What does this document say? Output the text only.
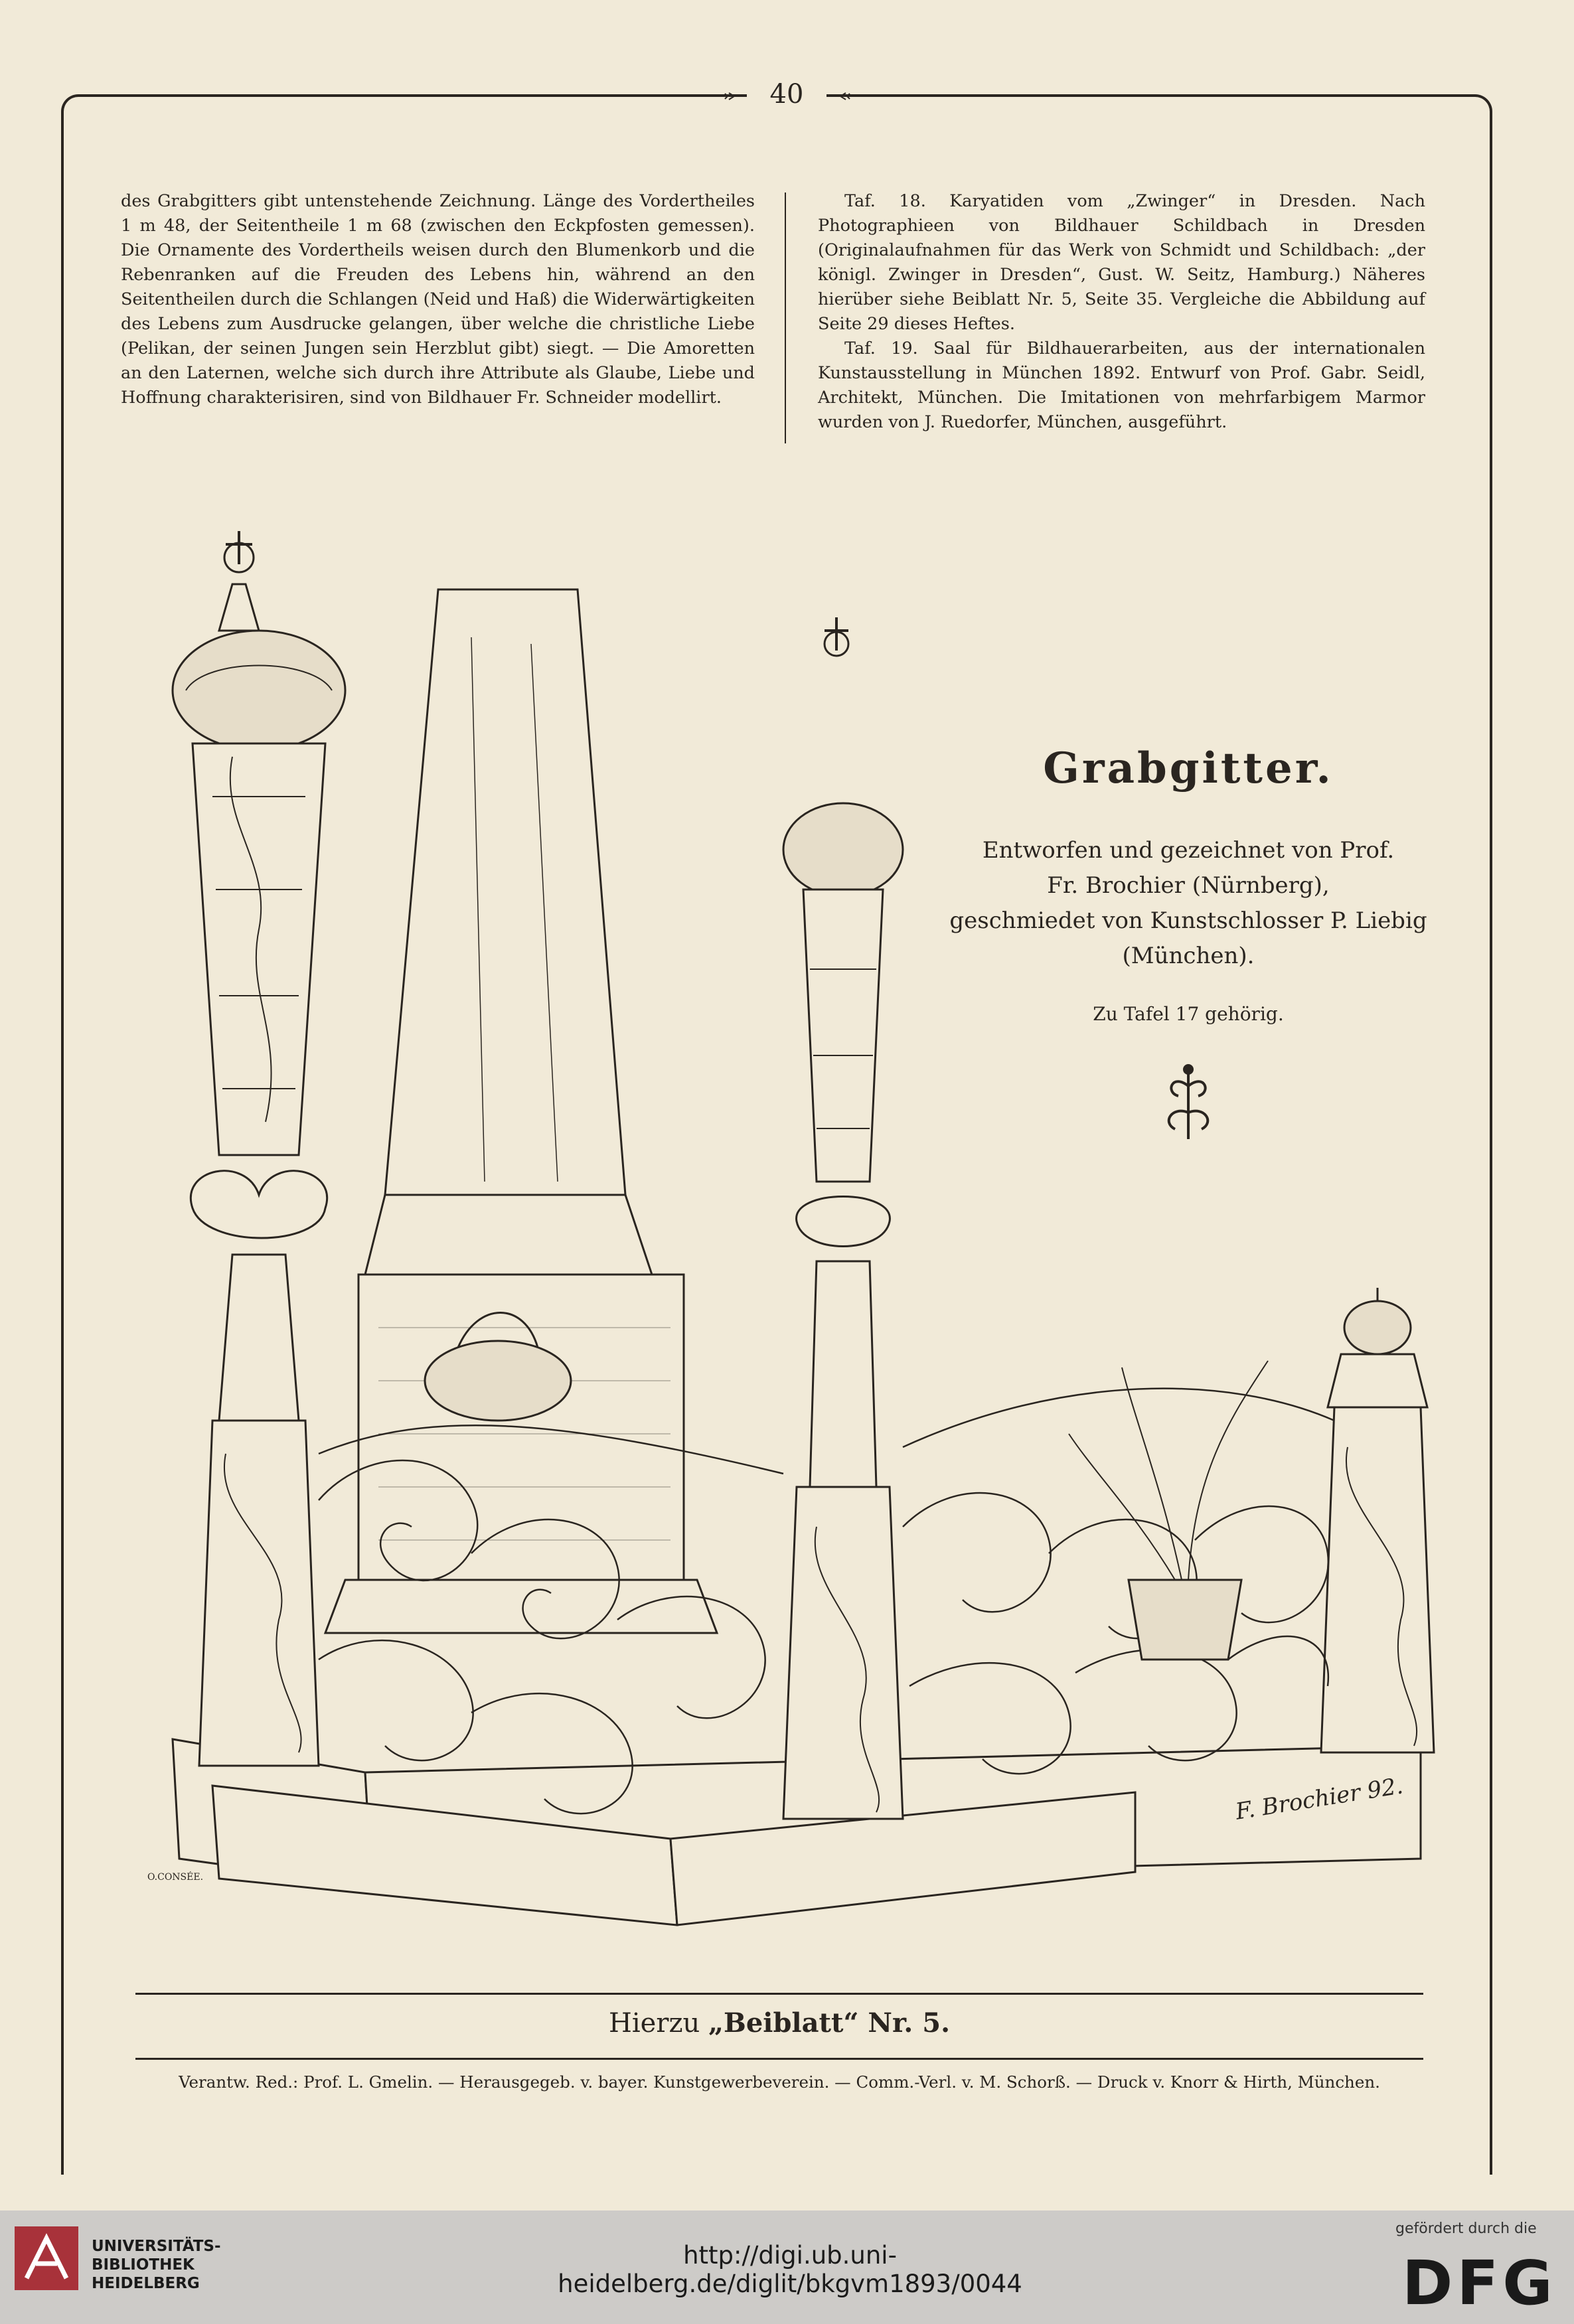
40

des Grabgitters gibt untenstehende Zeichnung. Länge des Vordertheiles 1 m 48, der Seitentheile 1 m 68 (zwischen den Eckpfosten gemessen). Die Ornamente des Vordertheils weisen durch den Blumenkorb und die Rebenranken auf die Freuden des Lebens hin, während an den Seitentheilen durch die Schlangen (Neid und Haß) die Widerwärtigkeiten des Lebens zum Ausdrucke gelangen, über welche die christliche Liebe (Pelikan, der seinen Jungen sein Herzblut gibt) siegt. — Die Amoretten an den Laternen, welche sich durch ihre Attribute als Glaube, Liebe und Hoffnung charakterisiren, sind von Bildhauer Fr. Schneider modellirt.

Taf. 18. Karyatiden vom „Zwinger“ in Dresden. Nach Photographieen von Bildhauer Schildbach in Dresden (Originalaufnahmen für das Werk von Schmidt und Schildbach: „der königl. Zwinger in Dresden“, Gust. W. Seitz, Hamburg.) Näheres hierüber siehe Beiblatt Nr. 5, Seite 35. Vergleiche die Abbildung auf Seite 29 dieses Heftes.

Taf. 19. Saal für Bildhauerarbeiten, aus der internationalen Kunstausstellung in München 1892. Entwurf von Prof. Gabr. Seidl, Architekt, München. Die Imitationen von mehrfarbigem Marmor wurden von J. Ruedorfer, München, ausgeführt.

Grabgitter.

Entworfen und gezeichnet von Prof.

Fr. Brochier (Nürnberg),

geschmiedet von Kunstschlosser P. Liebig

(München).

Zu Tafel 17 gehörig.

F. Brochier 92.
O.CONSÉE.
Hierzu „Beiblatt“ Nr. 5.
Verantw. Red.: Prof. L. Gmelin. — Herausgegeb. v. bayer. Kunstgewerbeverein. — Comm.-Verl. v. M. Schorß. — Druck v. Knorr & Hirth, München.
UNIVERSITÄTS-
BIBLIOTHEK
HEIDELBERG
http://digi.ub.uni-heidelberg.de/diglit/bkgvm1893/0044
gefördert durch die
DFG
